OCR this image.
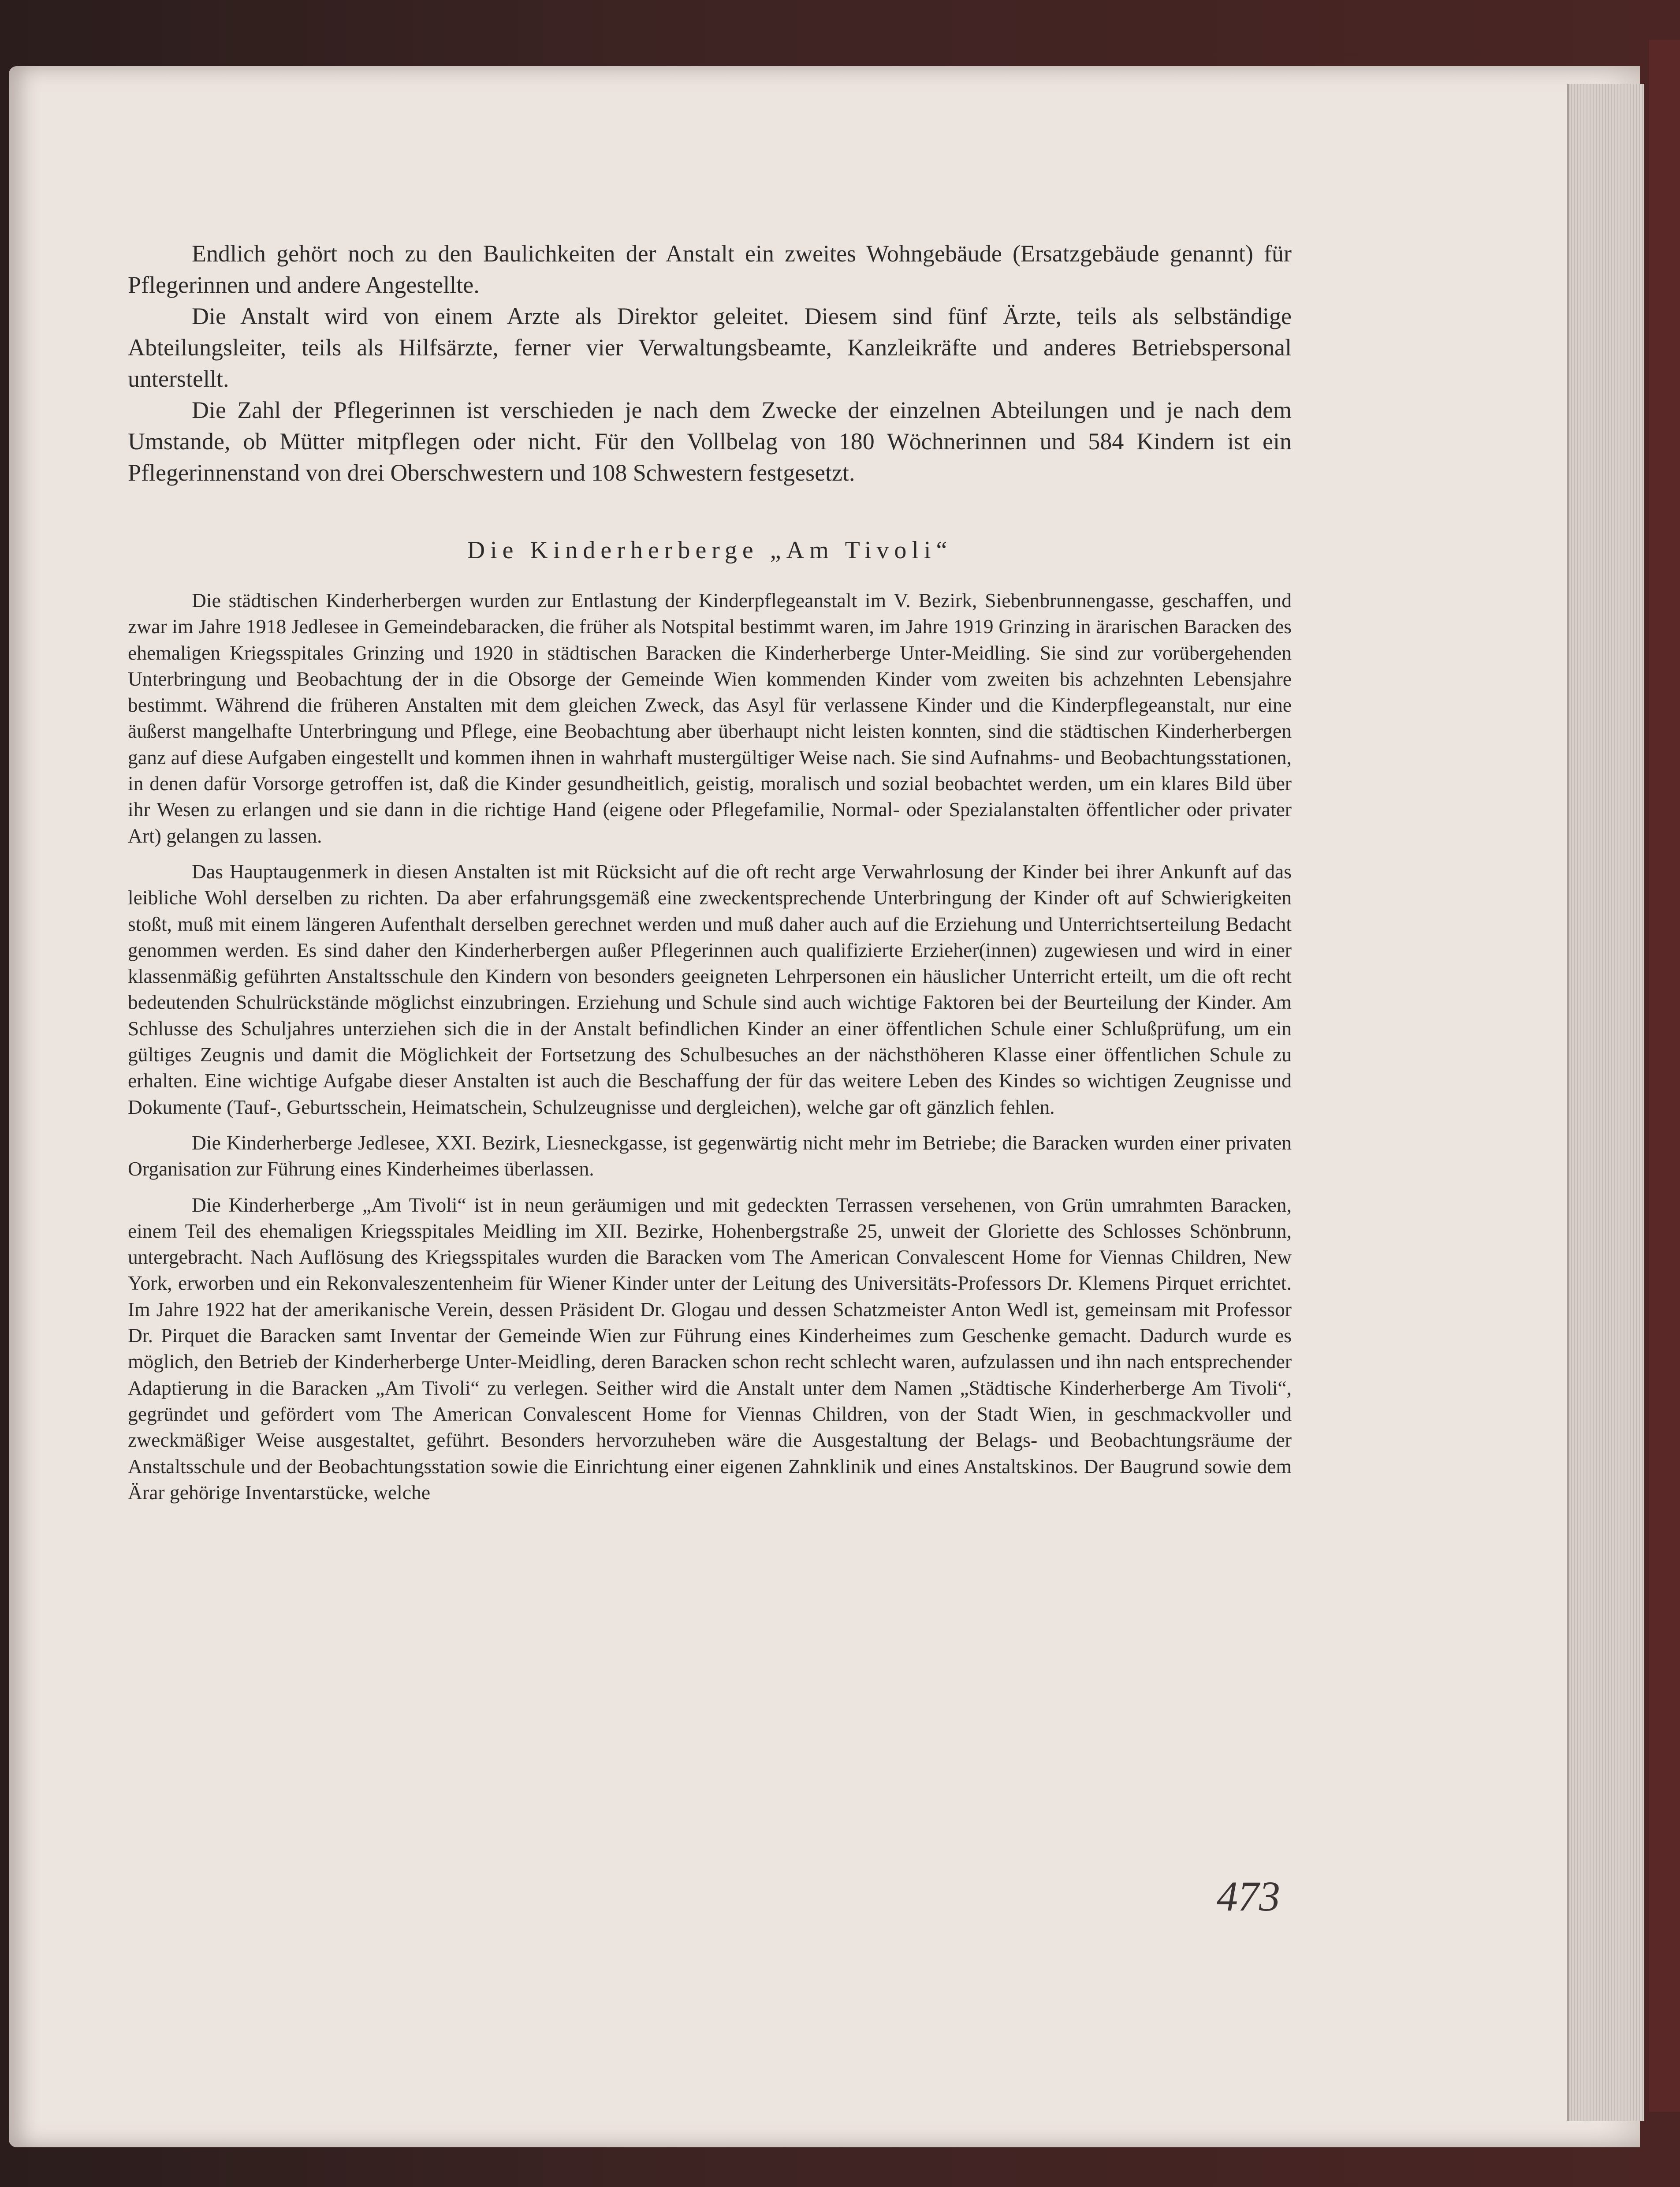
Endlich gehört noch zu den Baulichkeiten der Anstalt ein zweites Wohngebäude (Ersatzgebäude genannt) für Pflegerinnen und andere Angestellte.

Die Anstalt wird von einem Arzte als Direktor geleitet. Diesem sind fünf Ärzte, teils als selbständige Abteilungsleiter, teils als Hilfsärzte, ferner vier Verwaltungsbeamte, Kanzleikräfte und anderes Betriebspersonal unterstellt.

Die Zahl der Pflegerinnen ist verschieden je nach dem Zwecke der einzelnen Abteilungen und je nach dem Umstande, ob Mütter mitpflegen oder nicht. Für den Vollbelag von 180 Wöchnerinnen und 584 Kindern ist ein Pflegerinnenstand von drei Oberschwestern und 108 Schwestern festgesetzt.

Die Kinderherberge „Am Tivoli“

Die städtischen Kinderherbergen wurden zur Entlastung der Kinderpflegeanstalt im V. Bezirk, Siebenbrunnengasse, geschaffen, und zwar im Jahre 1918 Jedlesee in Gemeindebaracken, die früher als Notspital bestimmt waren, im Jahre 1919 Grinzing in ärarischen Baracken des ehemaligen Kriegsspitales Grinzing und 1920 in städtischen Baracken die Kinderherberge Unter-Meidling. Sie sind zur vorübergehenden Unterbringung und Beobachtung der in die Obsorge der Gemeinde Wien kommenden Kinder vom zweiten bis achzehnten Lebensjahre bestimmt. Während die früheren Anstalten mit dem gleichen Zweck, das Asyl für verlassene Kinder und die Kinderpflegeanstalt, nur eine äußerst mangelhafte Unterbringung und Pflege, eine Beobachtung aber überhaupt nicht leisten konnten, sind die städtischen Kinderherbergen ganz auf diese Aufgaben eingestellt und kommen ihnen in wahrhaft mustergültiger Weise nach. Sie sind Aufnahms- und Beobachtungsstationen, in denen dafür Vorsorge getroffen ist, daß die Kinder gesundheitlich, geistig, moralisch und sozial beobachtet werden, um ein klares Bild über ihr Wesen zu erlangen und sie dann in die richtige Hand (eigene oder Pflegefamilie, Normal- oder Spezialanstalten öffentlicher oder privater Art) gelangen zu lassen.

Das Hauptaugenmerk in diesen Anstalten ist mit Rücksicht auf die oft recht arge Verwahrlosung der Kinder bei ihrer Ankunft auf das leibliche Wohl derselben zu richten. Da aber erfahrungsgemäß eine zweckentsprechende Unterbringung der Kinder oft auf Schwierigkeiten stoßt, muß mit einem längeren Aufenthalt derselben gerechnet werden und muß daher auch auf die Erziehung und Unterrichtserteilung Bedacht genommen werden. Es sind daher den Kinderherbergen außer Pflegerinnen auch qualifizierte Erzieher(innen) zugewiesen und wird in einer klassenmäßig geführten Anstaltsschule den Kindern von besonders geeigneten Lehrpersonen ein häuslicher Unterricht erteilt, um die oft recht bedeutenden Schulrückstände möglichst einzubringen. Erziehung und Schule sind auch wichtige Faktoren bei der Beurteilung der Kinder. Am Schlusse des Schuljahres unterziehen sich die in der Anstalt befindlichen Kinder an einer öffentlichen Schule einer Schlußprüfung, um ein gültiges Zeugnis und damit die Möglichkeit der Fortsetzung des Schulbesuches an der nächsthöheren Klasse einer öffentlichen Schule zu erhalten. Eine wichtige Aufgabe dieser Anstalten ist auch die Beschaffung der für das weitere Leben des Kindes so wichtigen Zeugnisse und Dokumente (Tauf-, Geburtsschein, Heimatschein, Schulzeugnisse und dergleichen), welche gar oft gänzlich fehlen.

Die Kinderherberge Jedlesee, XXI. Bezirk, Liesneckgasse, ist gegenwärtig nicht mehr im Betriebe; die Baracken wurden einer privaten Organisation zur Führung eines Kinderheimes überlassen.

Die Kinderherberge „Am Tivoli“ ist in neun geräumigen und mit gedeckten Terrassen versehenen, von Grün umrahmten Baracken, einem Teil des ehemaligen Kriegsspitales Meidling im XII. Bezirke, Hohenbergstraße 25, unweit der Gloriette des Schlosses Schönbrunn, untergebracht. Nach Auflösung des Kriegsspitales wurden die Baracken vom The American Convalescent Home for Viennas Children, New York, erworben und ein Rekonvaleszentenheim für Wiener Kinder unter der Leitung des Universitäts-Professors Dr. Klemens Pirquet errichtet. Im Jahre 1922 hat der amerikanische Verein, dessen Präsident Dr. Glogau und dessen Schatzmeister Anton Wedl ist, gemeinsam mit Professor Dr. Pirquet die Baracken samt Inventar der Gemeinde Wien zur Führung eines Kinderheimes zum Geschenke gemacht. Dadurch wurde es möglich, den Betrieb der Kinderherberge Unter-Meidling, deren Baracken schon recht schlecht waren, aufzulassen und ihn nach entsprechender Adaptierung in die Baracken „Am Tivoli“ zu verlegen. Seither wird die Anstalt unter dem Namen „Städtische Kinderherberge Am Tivoli“, gegründet und gefördert vom The American Convalescent Home for Viennas Children, von der Stadt Wien, in geschmackvoller und zweckmäßiger Weise ausgestaltet, geführt. Besonders hervorzuheben wäre die Ausgestaltung der Belags- und Beobachtungsräume der Anstaltsschule und der Beobachtungsstation sowie die Einrichtung einer eigenen Zahnklinik und eines Anstaltskinos. Der Baugrund sowie dem Ärar gehörige Inventarstücke, welche

473
